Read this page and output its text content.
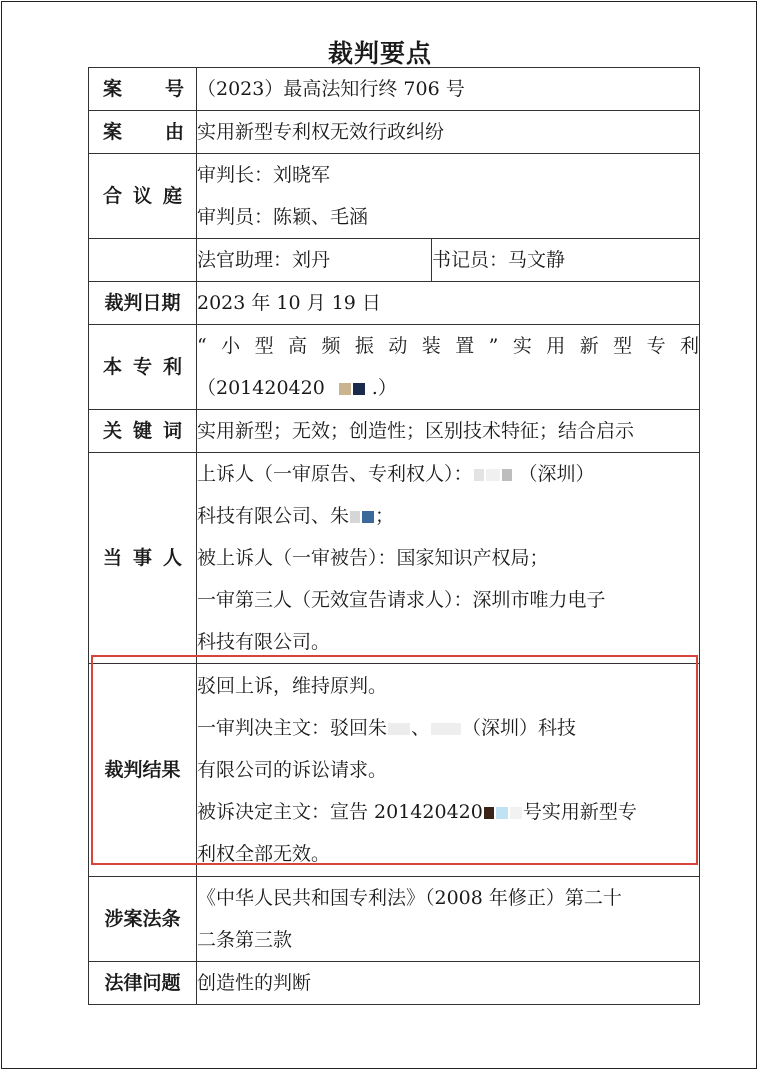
裁判要点
案 号	（2023）最高法知行终 706 号	
案 由	实用新型专利权无效行政纠纷	
合议庭	审判长：刘晓军
审判员：陈颖、毛涵	

	法官助理：刘丹	书记员：马文静
裁判日期	2023 年 10 月 19 日	
本专利	“小型高频振动装置”实用新型专利
（201420420 .）	

关键词	实用新型；无效；创造性；区别技术特征；结合启示	
当事人	上诉人（一审原告、专利权人）： （深圳）
科技有限公司、朱 ；
被上诉人（一审被告）：国家知识产权局；
一审第三人（无效宣告请求人）：深圳市唯力电子
科技有限公司。	

裁判结果	驳回上诉，维持原判。
一审判决主文：驳回朱 、 （深圳）科技
有限公司的诉讼请求。
被诉决定主文：宣告 201420420 号实用新型专
利权全部无效。	

涉案法条	《中华人民共和国专利法》（2008 年修正）第二十
二条第三款	

法律问题	创造性的判断	
